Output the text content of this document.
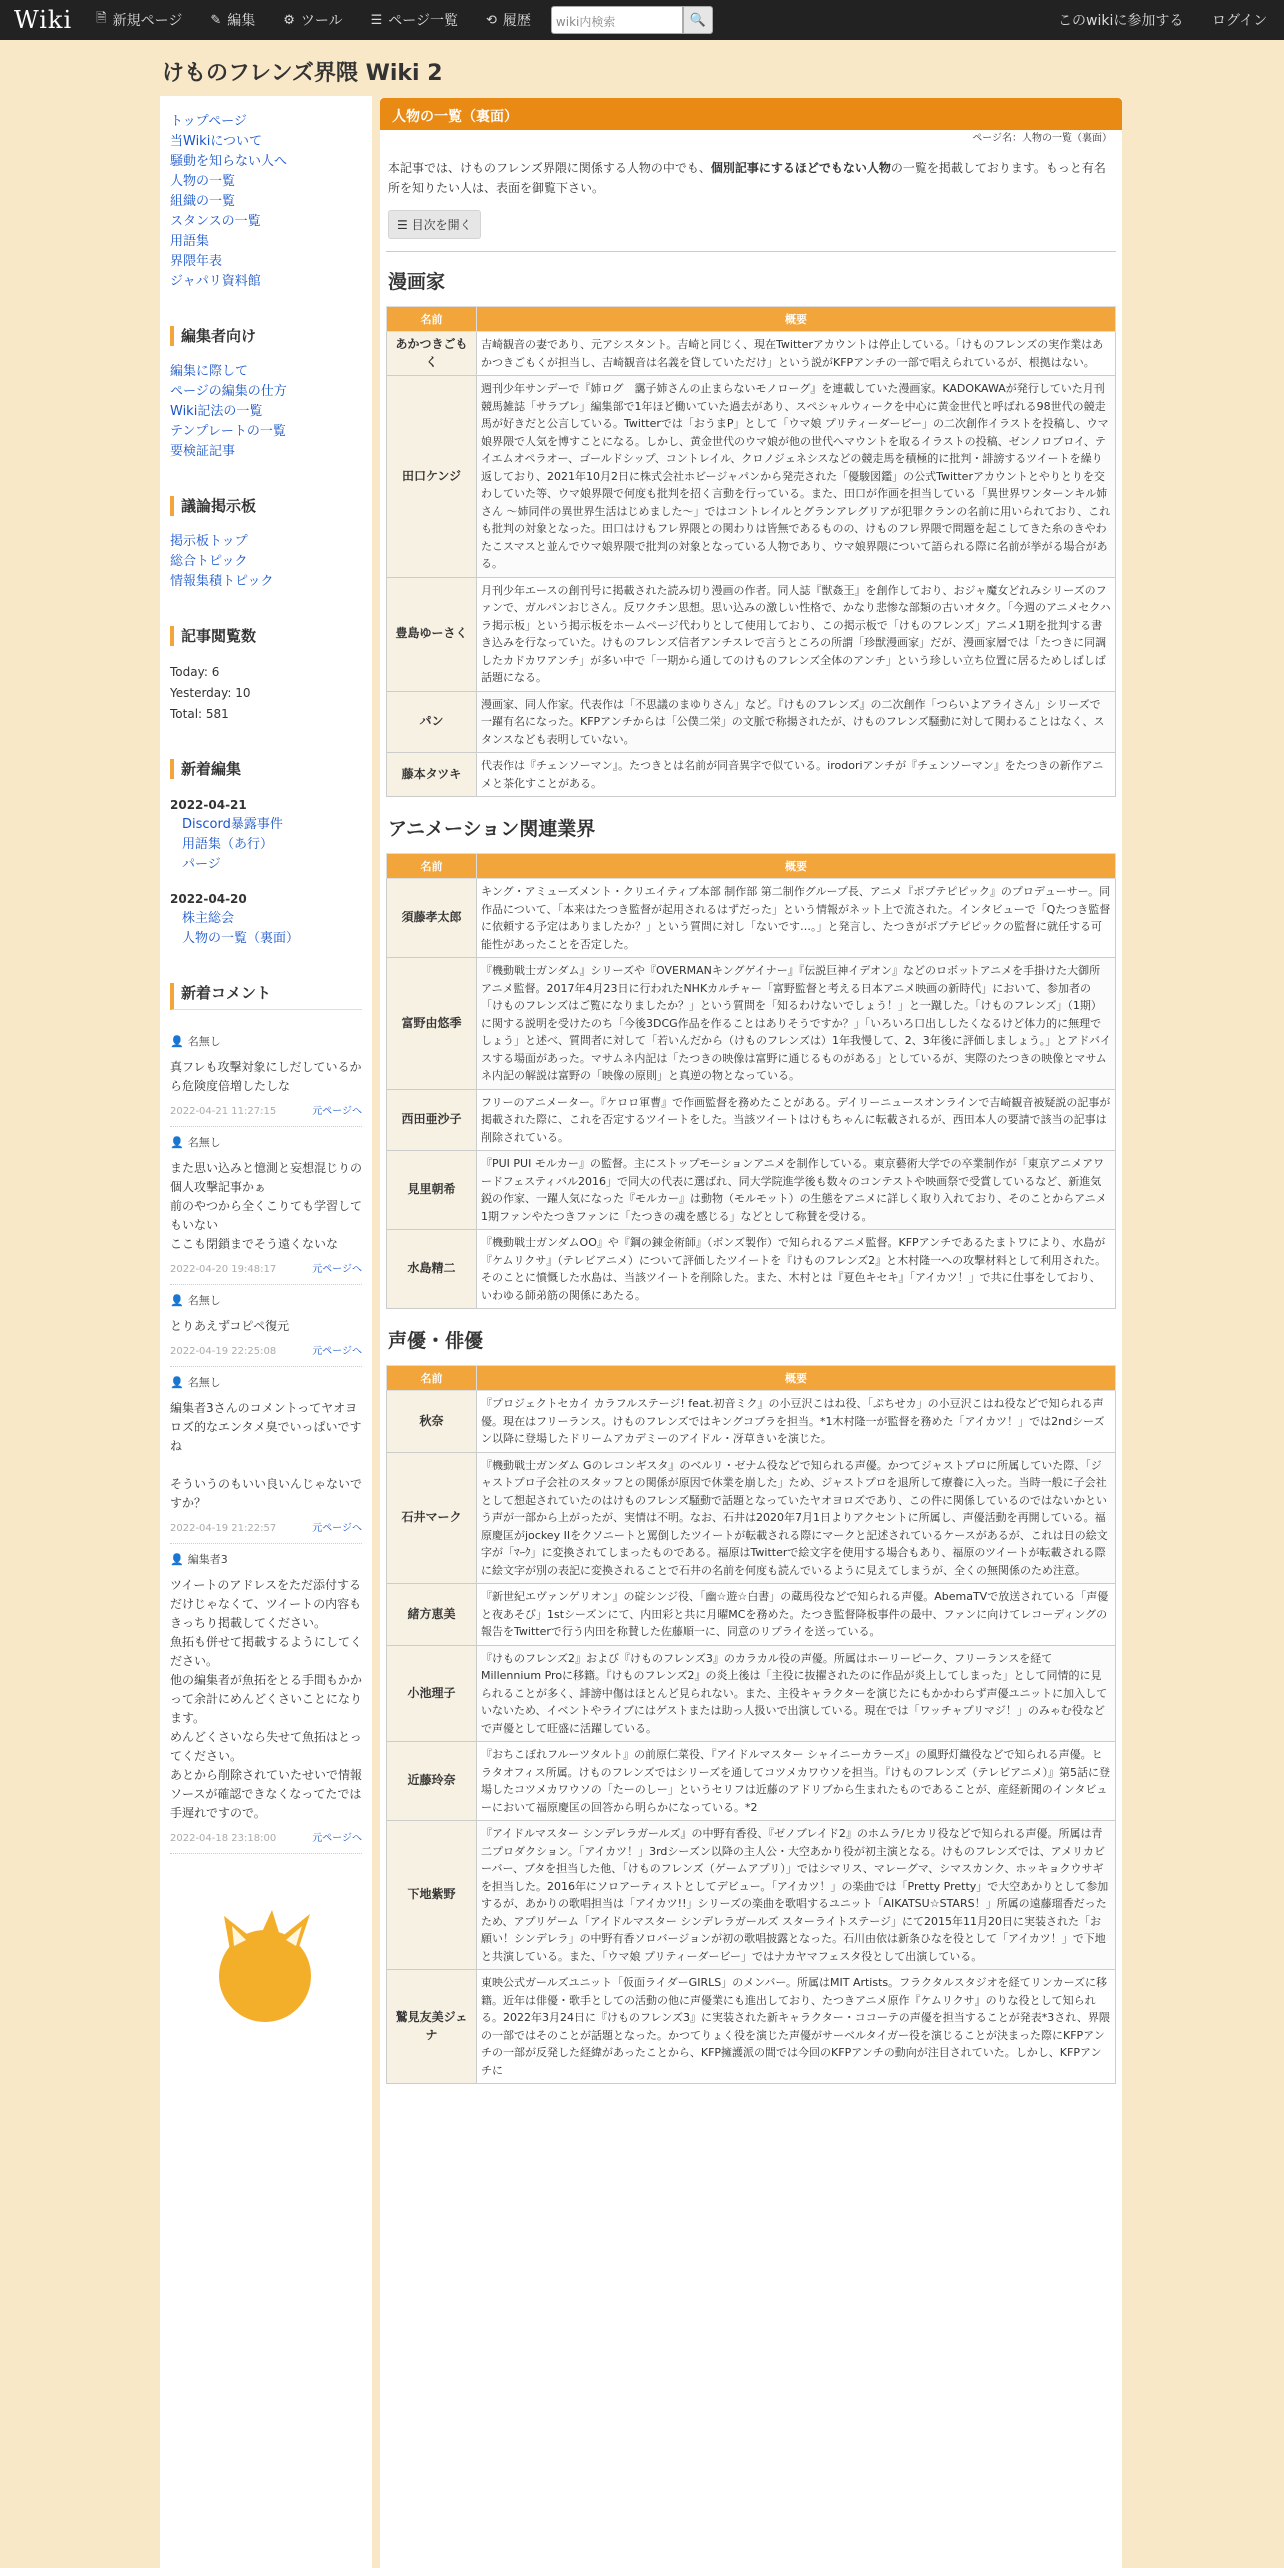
Wiki	🗎 新規ページ ✎ 編集 ⚙ ツール ☰ ページ一覧 ⟲ 履歴	wiki内検索	🔍	このwikiに参加する ログイン
けものフレンズ界隈 Wiki 2
トップページ
当Wikiについて
騒動を知らない人へ
人物の一覧
組織の一覧
スタンスの一覧
用語集
界隈年表
ジャパリ資料館
編集者向け
編集に際して
ページの編集の仕方
Wiki記法の一覧
テンプレートの一覧
要検証記事
議論掲示板
掲示板トップ
総合トピック
情報集積トピック
記事閲覧数
Today: 6
Yesterday: 10
Total: 581
新着編集
2022-04-21
Discord暴露事件
用語集（あ行）
パージ
2022-04-20
株主総会
人物の一覧（裏面）
新着コメント
👤 名無し
真フレも攻撃対象にしだしているから危険度倍増したしな
2022-04-21 11:27:15	元ページへ
👤 名無し
また思い込みと憶測と妄想混じりの個人攻撃記事かぁ
前のやつから全くこりても学習してもいない
ここも閉鎖までそう遠くないな
2022-04-20 19:48:17	元ページへ
👤 名無し
とりあえずコピペ復元
2022-04-19 22:25:08	元ページへ
👤 名無し
編集者3さんのコメントってヤオヨロズ的なエンタメ臭でいっぱいですね

そういうのもいい良いんじゃないですか？
2022-04-19 21:22:57	元ページへ
👤 編集者3
ツイートのアドレスをただ添付するだけじゃなくて、ツイートの内容もきっちり掲載してください。
魚拓も併せて掲載するようにしてください。
他の編集者が魚拓をとる手間もかかって余計にめんどくさいことになります。
めんどくさいなら失せて魚拓はとってください。
あとから削除されていたせいで情報ソースが確認できなくなってたでは手遅れですので。
2022-04-18 23:18:00	元ページへ
人物の一覧（裏面）
ページ名：人物の一覧（裏面）
本記事では、けものフレンズ界隈に関係する人物の中でも、個別記事にするほどでもない人物の一覧を掲載しております。もっと有名所を知りたい人は、表面を御覧下さい。
☰ 目次を開く
漫画家
名前	概要
あかつきごもく	吉崎観音の妻であり、元アシスタント。吉崎と同じく、現在Twitterアカウントは停止している。「けものフレンズの実作業はあかつきごもくが担当し、吉崎観音は名義を貸していただけ」という説がKFPアンチの一部で唱えられているが、根拠はない。
田口ケンジ	週刊少年サンデーで『姉ログ　靄子姉さんの止まらないモノローグ』を連載していた漫画家。KADOKAWAが発行していた月刊競馬雑誌「サラブレ」編集部で1年ほど働いていた過去があり、スペシャルウィークを中心に黄金世代と呼ばれる98世代の競走馬が好きだと公言している。Twitterでは「おうまP」として「ウマ娘 プリティーダービー」の二次創作イラストを投稿し、ウマ娘界隈で人気を博すことになる。しかし、黄金世代のウマ娘が他の世代へマウントを取るイラストの投稿、ゼンノロブロイ、テイエムオペラオー、ゴールドシップ、コントレイル、クロノジェネシスなどの競走馬を積極的に批判・誹謗するツイートを繰り返しており、2021年10月2日に株式会社ホビージャパンから発売された「優駿図鑑」の公式Twitterアカウントとやりとりを交わしていた等、ウマ娘界隈で何度も批判を招く言動を行っている。また、田口が作画を担当している「異世界ワンターンキル姉さん ～姉同伴の異世界生活はじめました～」ではコントレイルとグランアレグリアが犯罪クランの名前に用いられており、これも批判の対象となった。田口はけもフレ界隈との関わりは皆無であるものの、けものフレ界隈で問題を起こしてきた糸のきやわたこスマスと並んでウマ娘界隈で批判の対象となっている人物であり、ウマ娘界隈について語られる際に名前が挙がる場合がある。
豊島ゆーさく	月刊少年エースの創刊号に掲載された読み切り漫画の作者。同人誌『獣姦王』を創作しており、おジャ魔女どれみシリーズのファンで、ガルパンおじさん。反ワクチン思想。思い込みの激しい性格で、かなり悲惨な部類の古いオタク。「今週のアニメセクハラ掲示板」という掲示板をホームページ代わりとして使用しており、この掲示板で「けものフレンズ」アニメ1期を批判する書き込みを行なっていた。けものフレンズ信者アンチスレで言うところの所謂「珍獣漫画家」だが、漫画家層では「たつきに同調したカドカワアンチ」が多い中で「一期から通してのけものフレンズ全体のアンチ」という珍しい立ち位置に居るためしばしば話題になる。
パン	漫画家、同人作家。代表作は「不思議のまゆりさん」など。『けものフレンズ』の二次創作「つらいよアライさん」シリーズで一躍有名になった。KFPアンチからは「公僕二栄」の文脈で称揚されたが、けものフレンズ騒動に対して関わることはなく、スタンスなども表明していない。
藤本タツキ	代表作は『チェンソーマン』。たつきとは名前が同音異字で似ている。irodoriアンチが『チェンソーマン』をたつきの新作アニメと茶化すことがある。
アニメーション関連業界
名前	概要
須藤孝太郎	キング・アミューズメント・クリエイティブ本部 制作部 第二制作グループ長、アニメ『ポプテピピック』のプロデューサー。同作品について、「本来はたつき監督が起用されるはずだった」という情報がネット上で流された。インタビューで「Qたつき監督に依頼する予定はありましたか？」という質問に対し「ないです…。」と発言し、たつきがポプテピピックの監督に就任する可能性があったことを否定した。
富野由悠季	『機動戦士ガンダム』シリーズや『OVERMANキングゲイナー』『伝説巨神イデオン』などのロボットアニメを手掛けた大御所アニメ監督。2017年4月23日に行われたNHKカルチャー「富野監督と考える日本アニメ映画の新時代」において、参加者の「けものフレンズはご覧になりましたか？」という質問を「知るわけないでしょう！」と一蹴した。「けものフレンズ」（1期）に関する説明を受けたのち「今後3DCG作品を作ることはありそうですか？」「いろいろ口出ししたくなるけど体力的に無理でしょう」と述べ、質問者に対して「若いんだから（けものフレンズは）1年我慢して、2、3年後に評価しましょう。」とアドバイスする場面があった。マサムネ内記は「たつきの映像は富野に通じるものがある」としているが、実際のたつきの映像とマサムネ内記の解説は富野の「映像の原則」と真逆の物となっている。
西田亜沙子	フリーのアニメーター。『ケロロ軍曹』で作画監督を務めたことがある。デイリーニュースオンラインで吉崎観音被疑説の記事が掲載された際に、これを否定するツイートをした。当該ツイートはけもちゃんに転載されるが、西田本人の要請で該当の記事は削除されている。
見里朝希	『PUI PUI モルカー』の監督。主にストップモーションアニメを制作している。東京藝術大学での卒業制作が「東京アニメアワードフェスティバル2016」で同大の代表に選ばれ、同大学院進学後も数々のコンテストや映画祭で受賞しているなど、新進気鋭の作家、一躍人気になった『モルカー』は動物（モルモット）の生態をアニメに詳しく取り入れており、そのことからアニメ1期ファンやたつきファンに「たつきの魂を感じる」などとして称賛を受ける。
水島精二	『機動戦士ガンダムOO』や『鋼の錬金術師』（ボンズ製作）で知られるアニメ監督。KFPアンチであるたまトワにより、水島が『ケムリクサ』（テレビアニメ）について評価したツイートを『けものフレンズ2』と木村隆一への攻撃材料として利用された。そのことに憤慨した水島は、当該ツイートを削除した。また、木村とは『夏色キセキ』「アイカツ！」で共に仕事をしており、いわゆる師弟筋の関係にあたる。
声優・俳優
名前	概要
秋奈	『プロジェクトセカイ カラフルステージ! feat.初音ミク』の小豆沢こはね役、「ぷちせカ」の小豆沢こはね役などで知られる声優。現在はフリーランス。けものフレンズではキングコブラを担当。*1木村隆一が監督を務めた「アイカツ！」では2ndシーズン以降に登場したドリームアカデミーのアイドル・冴草きいを演じた。
石井マーク	『機動戦士ガンダム Gのレコンギスタ』のベルリ・ゼナム役などで知られる声優。かつてジャストプロに所属していた際、「ジャストプロ子会社のスタッフとの関係が原因で休業を崩した」ため、ジャストプロを退所して療養に入った。当時一般に子会社として想起されていたのはけものフレンズ騒動で話題となっていたヤオヨロズであり、この件に関係しているのではないかという声が一部から上がったが、実情は不明。なお、石井は2020年7月1日よりアクセントに所属し、声優活動を再開している。福原慶匡がjockey IIをクソニートと罵倒したツイートが転載される際にマークと記述されているケースがあるが、これは日の絵文字が「ﾏｰｸ」に変換されてしまったものである。福原はTwitterで絵文字を使用する場合もあり、福原のツイートが転載される際に絵文字が別の表記に変換されることで石井の名前を何度も読んでいるように見えてしまうが、全くの無関係のため注意。
緒方恵美	『新世紀エヴァンゲリオン』の碇シンジ役、「幽☆遊☆白書」の蔵馬役などで知られる声優。AbemaTVで放送されている「声優と夜あそび」1stシーズンにて、内田彩と共に月曜MCを務めた。たつき監督降板事件の最中、ファンに向けてレコーディングの報告をTwitterで行う内田を称賛した佐藤順一に、同意のリプライを送っている。
小池理子	『けものフレンズ2』および『けものフレンズ3』のカラカル役の声優。所属はホーリーピーク、フリーランスを経てMillennium Proに移籍。『けものフレンズ2』の炎上後は「主役に抜擢されたのに作品が炎上してしまった」として同情的に見られることが多く、誹謗中傷はほとんど見られない。また、主役キャラクターを演じたにもかかわらず声優ユニットに加入していないため、イベントやライブにはゲストまたは助っ人扱いで出演している。現在では「ワッチャプリマジ！」のみゃむ役などで声優として旺盛に活躍している。
近藤玲奈	『おちこぼれフルーツタルト』の前原仁菜役、『アイドルマスター シャイニーカラーズ』の風野灯織役などで知られる声優。ヒラタオフィス所属。けものフレンズではシリーズを通してコツメカワウソを担当。『けものフレンズ（テレビアニメ）』第5話に登場したコツメカワウソの「たーのしー」というセリフは近藤のアドリブから生まれたものであることが、産経新聞のインタビューにおいて福原慶匡の回答から明らかになっている。*2
下地紫野	『アイドルマスター シンデレラガールズ』の中野有香役、『ゼノブレイド2』のホムラ/ヒカリ役などで知られる声優。所属は青二プロダクション。「アイカツ！」3rdシーズン以降の主人公・大空あかり役が初主演となる。けものフレンズでは、アメリカビーバー、ブタを担当した他、「けものフレンズ（ゲームアプリ）」ではシマリス、マレーグマ、シマスカンク、ホッキョクウサギを担当した。2016年にソロアーティストとしてデビュー。「アイカツ！」の楽曲では「Pretty Pretty」で大空あかりとして参加するが、あかりの歌唱担当は「アイカツ!!」シリーズの楽曲を歌唱するユニット「AIKATSU☆STARS！」所属の遠藤瑠香だったため、アプリゲーム「アイドルマスター シンデレラガールズ スターライトステージ」にて2015年11月20日に実装された「お願い！シンデレラ」の中野有香ソロバージョンが初の歌唱披露となった。石川由依は新条ひなを役として「アイカツ！」で下地と共演している。また、「ウマ娘 プリティーダービー」ではナカヤマフェスタ役として出演している。
鷲見友美ジェナ	東映公式ガールズユニット「仮面ライダーGIRLS」のメンバー。所属はMIT Artists。フラクタルスタジオを経てリンカーズに移籍。近年は俳優・歌手としての活動の他に声優業にも進出しており、たつきアニメ原作『ケムリクサ』のりな役として知られる。2022年3月24日に『けものフレンズ3』に実装された新キャラクター・ココーテの声優を担当することが発表*3され、界隈の一部ではそのことが話題となった。かつてりょく役を演じた声優がサーベルタイガー役を演じることが決まった際にKFPアンチの一部が反発した経緯があったことから、KFP擁護派の間では今回のKFPアンチの動向が注目されていた。しかし、KFPアンチに
